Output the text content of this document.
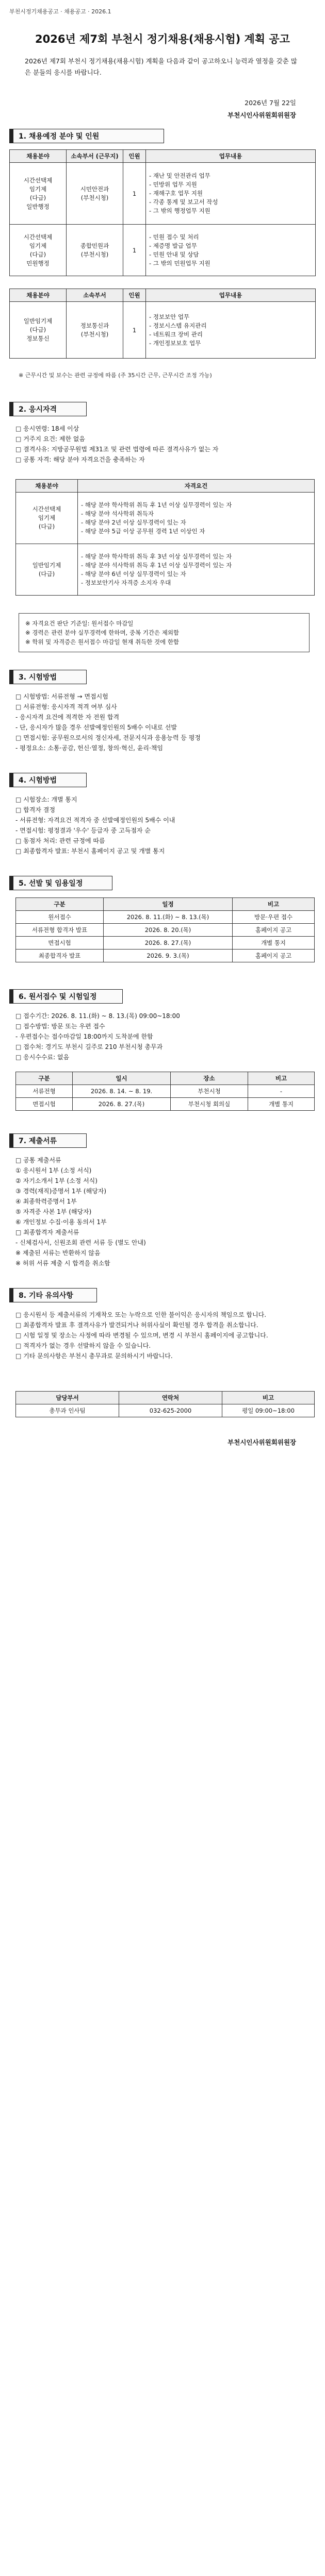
부천시정기채용공고 · 채용공고 · 2026.1
2026년 제7회 부천시 정기채용(채용시험) 계획 공고
2026년 제7회 부천시 정기채용(채용시험) 계획을 다음과 같이 공고하오니 능력과 열정을 갖춘 많은 분들의 응시를 바랍니다.
2026년 7월 22일
부천시인사위원회위원장
1. 채용예정 분야 및 인원
채용분야	소속부서 (근무지)	인원	업무내용
시간선택제
임기제
(다급)
일반행정	시민안전과
(부천시청)	1	- 재난 및 안전관리 업무
- 민방위 업무 지원
- 재해구호 업무 지원
- 각종 통계 및 보고서 작성
- 그 밖의 행정업무 지원
시간선택제
임기제
(다급)
민원행정	종합민원과
(부천시청)	1	- 민원 접수 및 처리
- 제증명 발급 업무
- 민원 안내 및 상담
- 그 밖의 민원업무 지원
채용분야	소속부서	인원	업무내용
일반임기제
(다급)
정보통신	정보통신과
(부천시청)	1	- 정보보안 업무
- 정보시스템 유지관리
- 네트워크 장비 관리
- 개인정보보호 업무
※ 근무시간 및 보수는 관련 규정에 따름 (주 35시간 근무, 근무시간 조정 가능)
2. 응시자격
□ 응시연령: 18세 이상
□ 거주지 요건: 제한 없음
□ 결격사유: 지방공무원법 제31조 및 관련 법령에 따른 결격사유가 없는 자
□ 공통 자격: 해당 분야 자격요건을 충족하는 자
채용분야	자격요건
시간선택제
임기제
(다급)	- 해당 분야 학사학위 취득 후 1년 이상 실무경력이 있는 자
- 해당 분야 석사학위 취득자
- 해당 분야 2년 이상 실무경력이 있는 자
- 해당 분야 5급 이상 공무원 경력 1년 이상인 자
일반임기제
(다급)	- 해당 분야 학사학위 취득 후 3년 이상 실무경력이 있는 자
- 해당 분야 석사학위 취득 후 1년 이상 실무경력이 있는 자
- 해당 분야 6년 이상 실무경력이 있는 자
- 정보보안기사 자격증 소지자 우대
※ 자격요건 판단 기준일: 원서접수 마감일
※ 경력은 관련 분야 실무경력에 한하며, 중복 기간은 제외함
※ 학위 및 자격증은 원서접수 마감일 현재 취득한 것에 한함
3. 시험방법
□ 시험방법: 서류전형 → 면접시험
□ 서류전형: 응시자격 적격 여부 심사
- 응시자격 요건에 적격한 자 전원 합격
- 단, 응시자가 많을 경우 선발예정인원의 5배수 이내로 선발
□ 면접시험: 공무원으로서의 정신자세, 전문지식과 응용능력 등 평정
- 평정요소: 소통·공감, 헌신·열정, 창의·혁신, 윤리·책임
4. 시험방법
□ 시험장소: 개별 통지
□ 합격자 결정
- 서류전형: 자격요건 적격자 중 선발예정인원의 5배수 이내
- 면접시험: 평정결과 '우수' 등급자 중 고득점자 순
□ 동점자 처리: 관련 규정에 따름
□ 최종합격자 발표: 부천시 홈페이지 공고 및 개별 통지
5. 선발 및 임용일정
구분	일정	비고
원서접수	2026. 8. 11.(화) ~ 8. 13.(목)	방문·우편 접수
서류전형 합격자 발표	2026. 8. 20.(목)	홈페이지 공고
면접시험	2026. 8. 27.(목)	개별 통지
최종합격자 발표	2026. 9. 3.(목)	홈페이지 공고
6. 원서접수 및 시험일정
□ 접수기간: 2026. 8. 11.(화) ~ 8. 13.(목) 09:00~18:00
□ 접수방법: 방문 또는 우편 접수
- 우편접수는 접수마감일 18:00까지 도착분에 한함
□ 접수처: 경기도 부천시 길주로 210 부천시청 총무과
□ 응시수수료: 없음
구분	일시	장소	비고
서류전형	2026. 8. 14. ~ 8. 19.	부천시청	-
면접시험	2026. 8. 27.(목)	부천시청 회의실	개별 통지
7. 제출서류
□ 공통 제출서류
① 응시원서 1부 (소정 서식)
② 자기소개서 1부 (소정 서식)
③ 경력(재직)증명서 1부 (해당자)
④ 최종학력증명서 1부
⑤ 자격증 사본 1부 (해당자)
⑥ 개인정보 수집·이용 동의서 1부
□ 최종합격자 제출서류
- 신체검사서, 신원조회 관련 서류 등 (별도 안내)
※ 제출된 서류는 반환하지 않음
※ 허위 서류 제출 시 합격을 취소함
8. 기타 유의사항
□ 응시원서 등 제출서류의 기재착오 또는 누락으로 인한 불이익은 응시자의 책임으로 합니다.
□ 최종합격자 발표 후 결격사유가 발견되거나 허위사실이 확인될 경우 합격을 취소합니다.
□ 시험 일정 및 장소는 사정에 따라 변경될 수 있으며, 변경 시 부천시 홈페이지에 공고합니다.
□ 적격자가 없는 경우 선발하지 않을 수 있습니다.
□ 기타 문의사항은 부천시 총무과로 문의하시기 바랍니다.
담당부서	연락처	비고
총무과 인사팀	032-625-2000	평일 09:00~18:00
부천시인사위원회위원장
